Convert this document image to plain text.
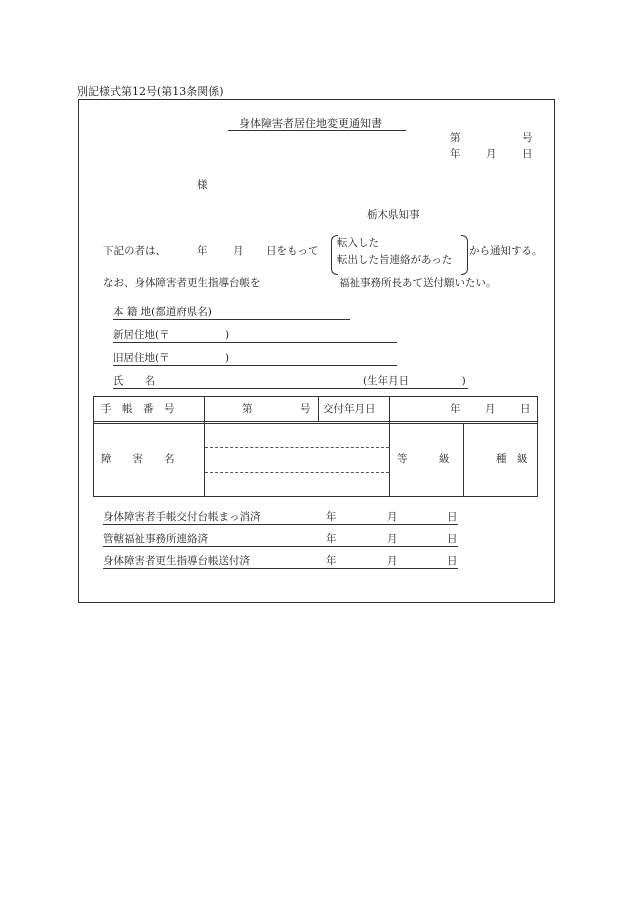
別記様式第12号(第13条関係)
身体障害者居住地変更通知書
第	号
年 月 日
様
栃木県知事
下記の者は、	年 月 日をもって
転入した
転出した旨連絡があった
から通知する。
なお、身体障害者更生指導台帳を	福祉事務所長あて送付願いたい。
本 籍 地(都道府県名)
新居住地(〒	)
旧居住地(〒	)
氏　　名	(生年月日　　　　　)
手　帳　番　号	第	号 交付年月日	年 月 日
障　　害　　名	等　　　級	種　級
身体障害者手帳交付台帳まっ消済	年	月	日
管轄福祉事務所連絡済	年	月	日
身体障害者更生指導台帳送付済	年	月	日
